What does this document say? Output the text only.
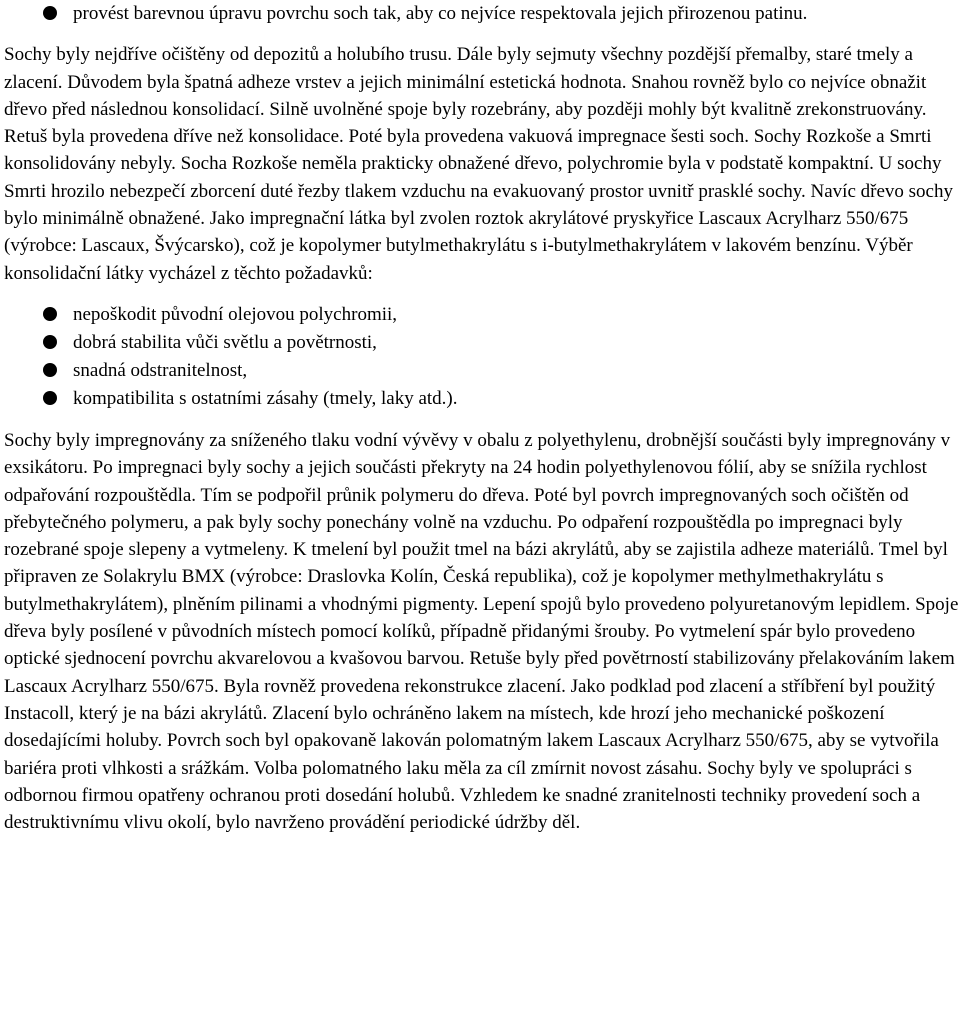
provést barevnou úpravu povrchu soch tak, aby co nejvíce respektovala jejich přirozenou patinu.

Sochy byly nejdříve očištěny od depozitů a holubího trusu. Dále byly sejmuty všechny pozdější přemalby, staré tmely a zlacení. Důvodem byla špatná adheze vrstev a jejich minimální estetická hodnota. Snahou rovněž bylo co nejvíce obnažit dřevo před následnou konsolidací. Silně uvolněné spoje byly rozebrány, aby později mohly být kvalitně zrekonstruovány. Retuš byla provedena dříve než konsolidace. Poté byla provedena vakuová impregnace šesti soch. Sochy Rozkoše a Smrti konsolidovány nebyly. Socha Rozkoše neměla prakticky obnažené dřevo, polychromie byla v podstatě kompaktní. U sochy Smrti hrozilo nebezpečí zborcení duté řezby tlakem vzduchu na evakuovaný prostor uvnitř prasklé sochy. Navíc dřevo sochy bylo minimálně obnažené. Jako impregnační látka byl zvolen roztok akrylátové pryskyřice Lascaux Acrylharz 550/675 (výrobce: Lascaux, Švýcarsko), což je kopolymer butylmethakrylátu s i-butylmethakrylátem v lakovém benzínu. Výběr konsolidační látky vycházel z těchto požadavků:

nepoškodit původní olejovou polychromii,
dobrá stabilita vůči světlu a povětrnosti,
snadná odstranitelnost,
kompatibilita s ostatními zásahy (tmely, laky atd.).

Sochy byly impregnovány za sníženého tlaku vodní vývěvy v obalu z polyethylenu, drobnější součásti byly impregnovány v exsikátoru. Po impregnaci byly sochy a jejich součásti překryty na 24 hodin polyethylenovou fólií, aby se snížila rychlost odpařování rozpouštědla. Tím se podpořil průnik polymeru do dřeva. Poté byl povrch impregnovaných soch očištěn od přebytečného polymeru, a pak byly sochy ponechány volně na vzduchu. Po odpaření rozpouštědla po impregnaci byly rozebrané spoje slepeny a vytmeleny. K tmelení byl použit tmel na bázi akrylátů, aby se zajistila adheze materiálů. Tmel byl připraven ze Solakrylu BMX (výrobce: Draslovka Kolín, Česká republika), což je kopolymer methylmethakrylátu s butylmethakrylátem), plněním pilinami a vhodnými pigmenty. Lepení spojů bylo provedeno polyuretanovým lepidlem. Spoje dřeva byly posílené v původních místech pomocí kolíků, případně přidanými šrouby. Po vytmelení spár bylo provedeno optické sjednocení povrchu akvarelovou a kvašovou barvou. Retuše byly před povětrností stabilizovány přelakováním lakem Lascaux Acrylharz 550/675. Byla rovněž provedena rekonstrukce zlacení. Jako podklad pod zlacení a stříbření byl použitý Instacoll, který je na bázi akrylátů. Zlacení bylo ochráněno lakem na místech, kde hrozí jeho mechanické poškození dosedajícími holuby. Povrch soch byl opakovaně lakován polomatným lakem Lascaux Acrylharz 550/675, aby se vytvořila bariéra proti vlhkosti a srážkám. Volba polomatného laku měla za cíl zmírnit novost zásahu. Sochy byly ve spolupráci s odbornou firmou opatřeny ochranou proti dosedání holubů. Vzhledem ke snadné zranitelnosti techniky provedení soch a destruktivnímu vlivu okolí, bylo navrženo provádění periodické údržby děl.
